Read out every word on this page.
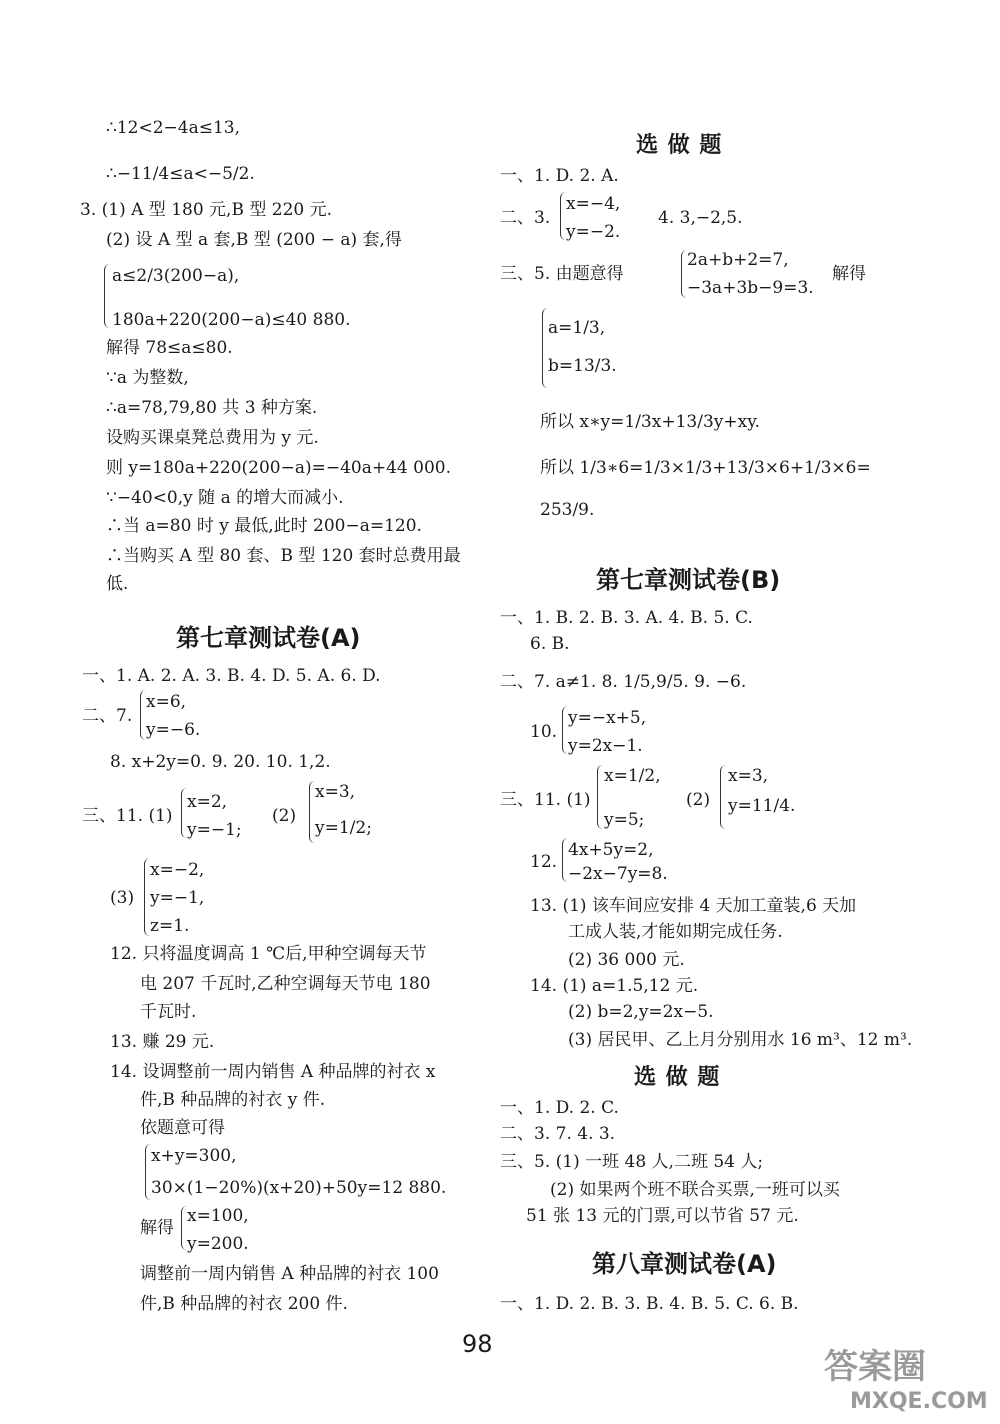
∴12<2−4a≤13,
∴−11/4≤a<−5/2.
3. (1) A 型 180 元,B 型 220 元.
(2) 设 A 型 a 套,B 型 (200 − a) 套,得
a≤2/3(200−a),
180a+220(200−a)≤40 880.
解得 78≤a≤80.
∵a 为整数,
∴a=78,79,80 共 3 种方案.
设购买课桌凳总费用为 y 元.
则 y=180a+220(200−a)=−40a+44 000.
∵−40<0,y 随 a 的增大而减小.
∴当 a=80 时 y 最低,此时 200−a=120.
∴当购买 A 型 80 套、B 型 120 套时总费用最
低.
第七章测试卷(A)
一、1. A. 2. A. 3. B. 4. D. 5. A. 6. D.
二、7.
x=6,
y=−6.
8. x+2y=0. 9. 20. 10. 1,2.
三、11. (1)
x=2,
y=−1;
(2)
x=3,
y=1/2;
(3)
x=−2,
y=−1,
z=1.
12. 只将温度调高 1 ℃后,甲种空调每天节
电 207 千瓦时,乙种空调每天节电 180
千瓦时.
13. 赚 29 元.
14. 设调整前一周内销售 A 种品牌的衬衣 x
件,B 种品牌的衬衣 y 件.
依题意可得
x+y=300,
30×(1−20%)(x+20)+50y=12 880.
解得
x=100,
y=200.
调整前一周内销售 A 种品牌的衬衣 100
件,B 种品牌的衬衣 200 件.
选 做 题
一、1. D. 2. A.
二、3.
x=−4,
y=−2.
4. 3,−2,5.
三、5. 由题意得
2a+b+2=7,
−3a+3b−9=3.
解得
a=1/3,
b=13/3.
所以 x∗y=1/3x+13/3y+xy.
所以 1/3∗6=1/3×1/3+13/3×6+1/3×6=
253/9.
第七章测试卷(B)
一、1. B. 2. B. 3. A. 4. B. 5. C.
6. B.
二、7. a≠1. 8. 1/5,9/5. 9. −6.
10.
y=−x+5,
y=2x−1.
三、11. (1)
x=1/2,
y=5;
(2)
x=3,
y=11/4.
12.
4x+5y=2,
−2x−7y=8.
13. (1) 该车间应安排 4 天加工童装,6 天加
工成人装,才能如期完成任务.
(2) 36 000 元.
14. (1) a=1.5,12 元.
(2) b=2,y=2x−5.
(3) 居民甲、乙上月分别用水 16 m³、12 m³.
选 做 题
一、1. D. 2. C.
二、3. 7. 4. 3.
三、5. (1) 一班 48 人,二班 54 人;
(2) 如果两个班不联合买票,一班可以买
51 张 13 元的门票,可以节省 57 元.
第八章测试卷(A)
一、1. D. 2. B. 3. B. 4. B. 5. C. 6. B.
98
答案圈
MXQE.COM
